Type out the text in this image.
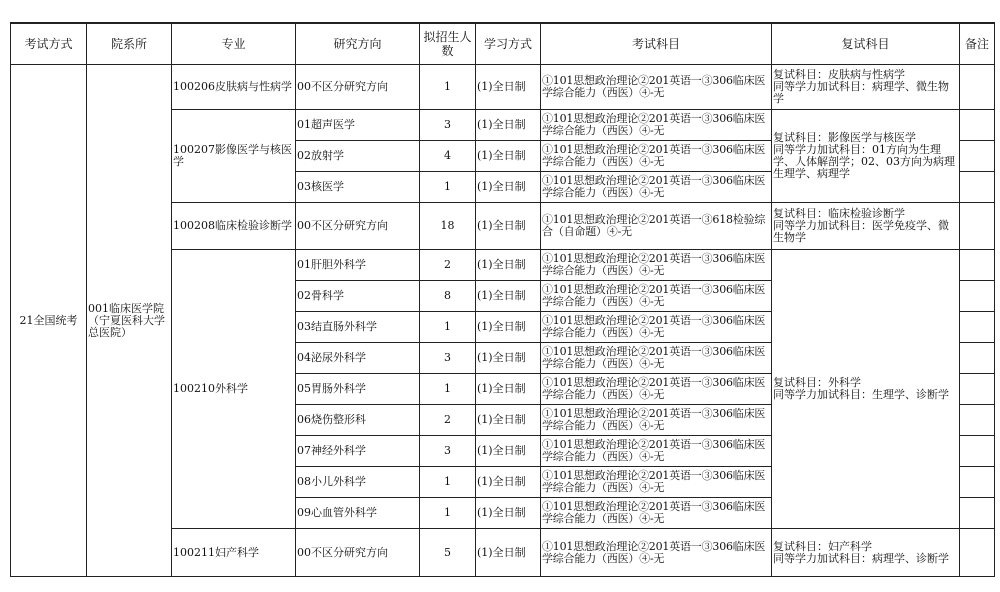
考试方式	院系所	专业	研究方向	拟招生人数	学习方式	考试科目	复试科目	备注
21全国统考	001临床医学院（宁夏医科大学总医院）	100206皮肤病与性病学	00不区分研究方向	1	(1)全日制	①101思想政治理论②201英语一③306临床医学综合能力（西医）④-无	复试科目：皮肤病与性病学
同等学力加试科目：病理学、微生物学	
		100207影像医学与核医学	01超声医学	3	(1)全日制	①101思想政治理论②201英语一③306临床医学综合能力（西医）④-无	复试科目：影像医学与核医学
同等学力加试科目：01方向为生理学、人体解剖学；02、03方向为病理生理学、病理学	
			02放射学	4	(1)全日制	①101思想政治理论②201英语一③306临床医学综合能力（西医）④-无		
			03核医学	1	(1)全日制	①101思想政治理论②201英语一③306临床医学综合能力（西医）④-无		
		100208临床检验诊断学	00不区分研究方向	18	(1)全日制	①101思想政治理论②201英语一③618检验综合（自命题）④-无	复试科目：临床检验诊断学
同等学力加试科目：医学免疫学、微生物学	
		100210外科学	01肝胆外科学	2	(1)全日制	①101思想政治理论②201英语一③306临床医学综合能力（西医）④-无	复试科目：外科学
同等学力加试科目：生理学、诊断学	
			02骨科学	8	(1)全日制	①101思想政治理论②201英语一③306临床医学综合能力（西医）④-无		
			03结直肠外科学	1	(1)全日制	①101思想政治理论②201英语一③306临床医学综合能力（西医）④-无		
			04泌尿外科学	3	(1)全日制	①101思想政治理论②201英语一③306临床医学综合能力（西医）④-无		
			05胃肠外科学	1	(1)全日制	①101思想政治理论②201英语一③306临床医学综合能力（西医）④-无		
			06烧伤整形科	2	(1)全日制	①101思想政治理论②201英语一③306临床医学综合能力（西医）④-无		
			07神经外科学	3	(1)全日制	①101思想政治理论②201英语一③306临床医学综合能力（西医）④-无		
			08小儿外科学	1	(1)全日制	①101思想政治理论②201英语一③306临床医学综合能力（西医）④-无		
			09心血管外科学	1	(1)全日制	①101思想政治理论②201英语一③306临床医学综合能力（西医）④-无		
		100211妇产科学	00不区分研究方向	5	(1)全日制	①101思想政治理论②201英语一③306临床医学综合能力（西医）④-无	复试科目：妇产科学
同等学力加试科目：病理学、诊断学	
